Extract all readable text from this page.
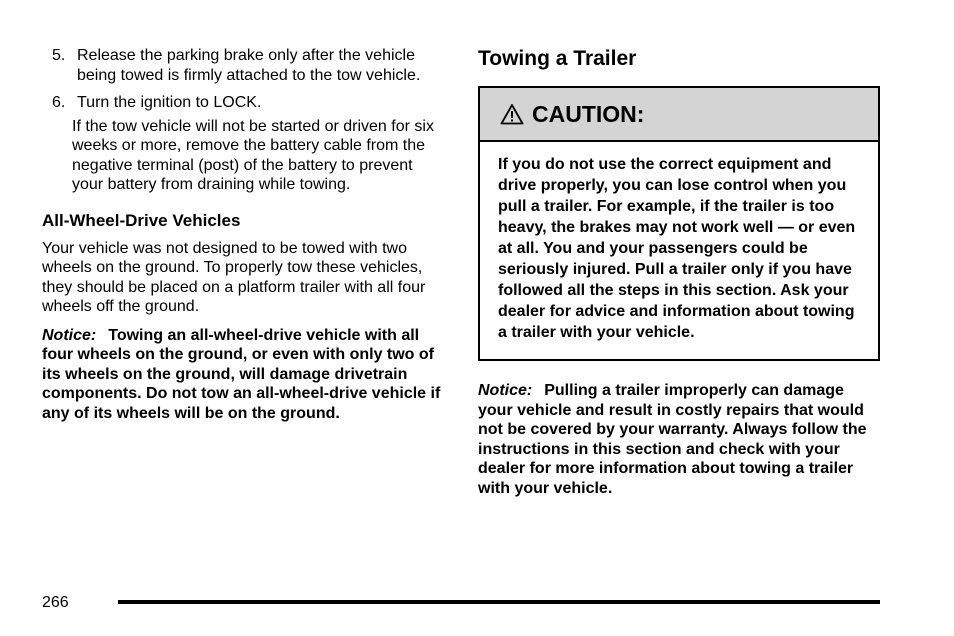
5. Release the parking brake only after the vehicle being towed is firmly attached to the tow vehicle.
6. Turn the ignition to LOCK.
If the tow vehicle will not be started or driven for six weeks or more, remove the battery cable from the negative terminal (post) of the battery to prevent your battery from draining while towing.
All-Wheel-Drive Vehicles
Your vehicle was not designed to be towed with two wheels on the ground. To properly tow these vehicles, they should be placed on a platform trailer with all four wheels off the ground.
Notice: Towing an all-wheel-drive vehicle with all four wheels on the ground, or even with only two of its wheels on the ground, will damage drivetrain components. Do not tow an all-wheel-drive vehicle if any of its wheels will be on the ground.
Towing a Trailer
CAUTION:
If you do not use the correct equipment and drive properly, you can lose control when you pull a trailer. For example, if the trailer is too heavy, the brakes may not work well — or even at all. You and your passengers could be seriously injured. Pull a trailer only if you have followed all the steps in this section. Ask your dealer for advice and information about towing a trailer with your vehicle.
Notice: Pulling a trailer improperly can damage your vehicle and result in costly repairs that would not be covered by your warranty. Always follow the instructions in this section and check with your dealer for more information about towing a trailer with your vehicle.
266
